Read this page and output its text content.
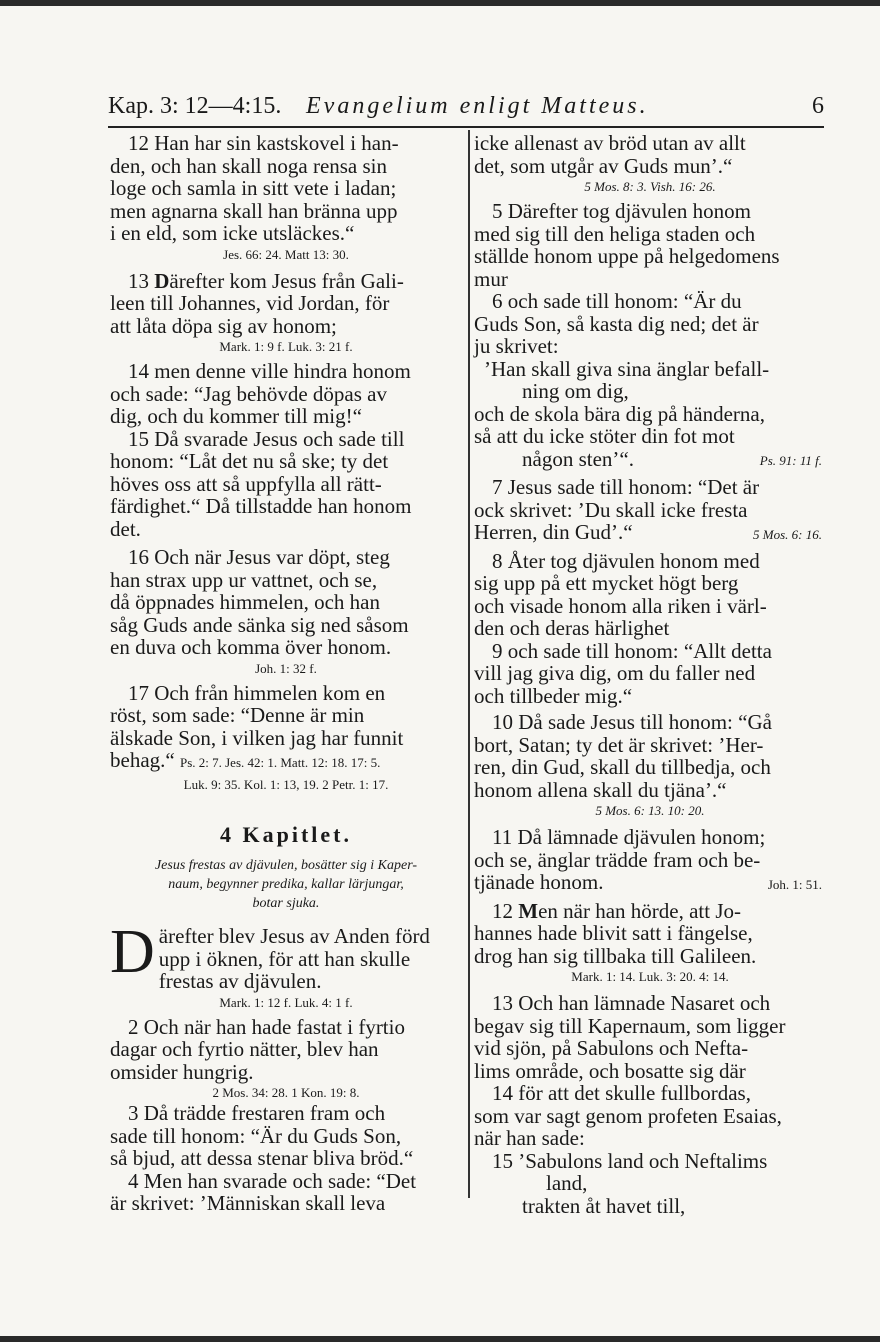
Kap. 3: 12—4:15. Evangelium enligt Matteus.	6
12 Han har sin kastskovel i han-
den, och han skall noga rensa sin
loge och samla in sitt vete i ladan;
men agnarna skall han bränna upp
i en eld, som icke utsläckes.“

Jes. 66: 24. Matt 13: 30.

13 Därefter kom Jesus från Gali-
leen till Johannes, vid Jordan, för
att låta döpa sig av honom;

Mark. 1: 9 f. Luk. 3: 21 f.

14 men denne ville hindra honom
och sade: “Jag behövde döpas av
dig, och du kommer till mig!“
15 Då svarade Jesus och sade till
honom: “Låt det nu så ske; ty det
höves oss att så uppfylla all rätt-
färdighet.“ Då tillstadde han honom
det.
16 Och när Jesus var döpt, steg
han strax upp ur vattnet, och se,
då öppnades himmelen, och han
såg Guds ande sänka sig ned såsom
en duva och komma över honom.

Joh. 1: 32 f.

17 Och från himmelen kom en
röst, som sade: “Denne är min
älskade Son, i vilken jag har funnit
behag.“ Ps. 2: 7. Jes. 42: 1. Matt. 12: 18. 17: 5.

Luk. 9: 35. Kol. 1: 13, 19. 2 Petr. 1: 17.

4 Kapitlet.
Jesus frestas av djävulen, bosätter sig i Kaper-
naum, begynner predika, kallar lärjungar,
botar sjuka.
D ärefter blev Jesus av Anden förd
upp i öknen, för att han skulle
frestas av djävulen.

Mark. 1: 12 f. Luk. 4: 1 f.

2 Och när han hade fastat i fyrtio
dagar och fyrtio nätter, blev han
omsider hungrig.

2 Mos. 34: 28. 1 Kon. 19: 8.

3 Då trädde frestaren fram och
sade till honom: “Är du Guds Son,
så bjud, att dessa stenar bliva bröd.“
4 Men han svarade och sade: “Det
är skrivet: ’Människan skall leva
icke allenast av bröd utan av allt
det, som utgår av Guds mun’.“

5 Mos. 8: 3. Vish. 16: 26.

5 Därefter tog djävulen honom
med sig till den heliga staden och
ställde honom uppe på helgedomens
mur
6 och sade till honom: “Är du
Guds Son, så kasta dig ned; det är
ju skrivet:
’Han skall giva sina änglar befall-
ning om dig,
och de skola bära dig på händerna,
så att du icke stöter din fot mot
någon sten’“.	Ps. 91: 11 f.
7 Jesus sade till honom: “Det är
ock skrivet: ’Du skall icke fresta
Herren, din Gud’.“	5 Mos. 6: 16.
8 Åter tog djävulen honom med
sig upp på ett mycket högt berg
och visade honom alla riken i värl-
den och deras härlighet
9 och sade till honom: “Allt detta
vill jag giva dig, om du faller ned
och tillbeder mig.“
10 Då sade Jesus till honom: “Gå
bort, Satan; ty det är skrivet: ’Her-
ren, din Gud, skall du tillbedja, och
honom allena skall du tjäna’.“

5 Mos. 6: 13. 10: 20.

11 Då lämnade djävulen honom;
och se, änglar trädde fram och be-
tjänade honom.	Joh. 1: 51.
12 Men när han hörde, att Jo-
hannes hade blivit satt i fängelse,
drog han sig tillbaka till Galileen.

Mark. 1: 14. Luk. 3: 20. 4: 14.

13 Och han lämnade Nasaret och
begav sig till Kapernaum, som ligger
vid sjön, på Sabulons och Nefta-
lims område, och bosatte sig där
14 för att det skulle fullbordas,
som var sagt genom profeten Esaias,
när han sade:
15 ’Sabulons land och Neftalims
land,
trakten åt havet till,
